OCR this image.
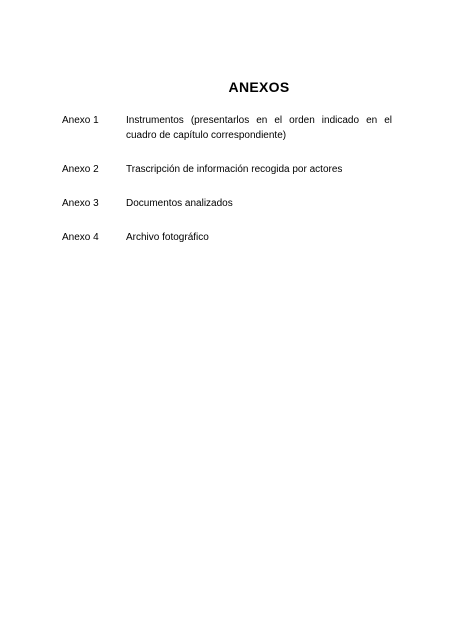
ANEXOS
Anexo 1	Instrumentos (presentarlos en el orden indicado en el cuadro de capítulo correspondiente)
Anexo 2	Trascripción de información recogida por actores
Anexo 3	Documentos analizados
Anexo 4	Archivo fotográfico
